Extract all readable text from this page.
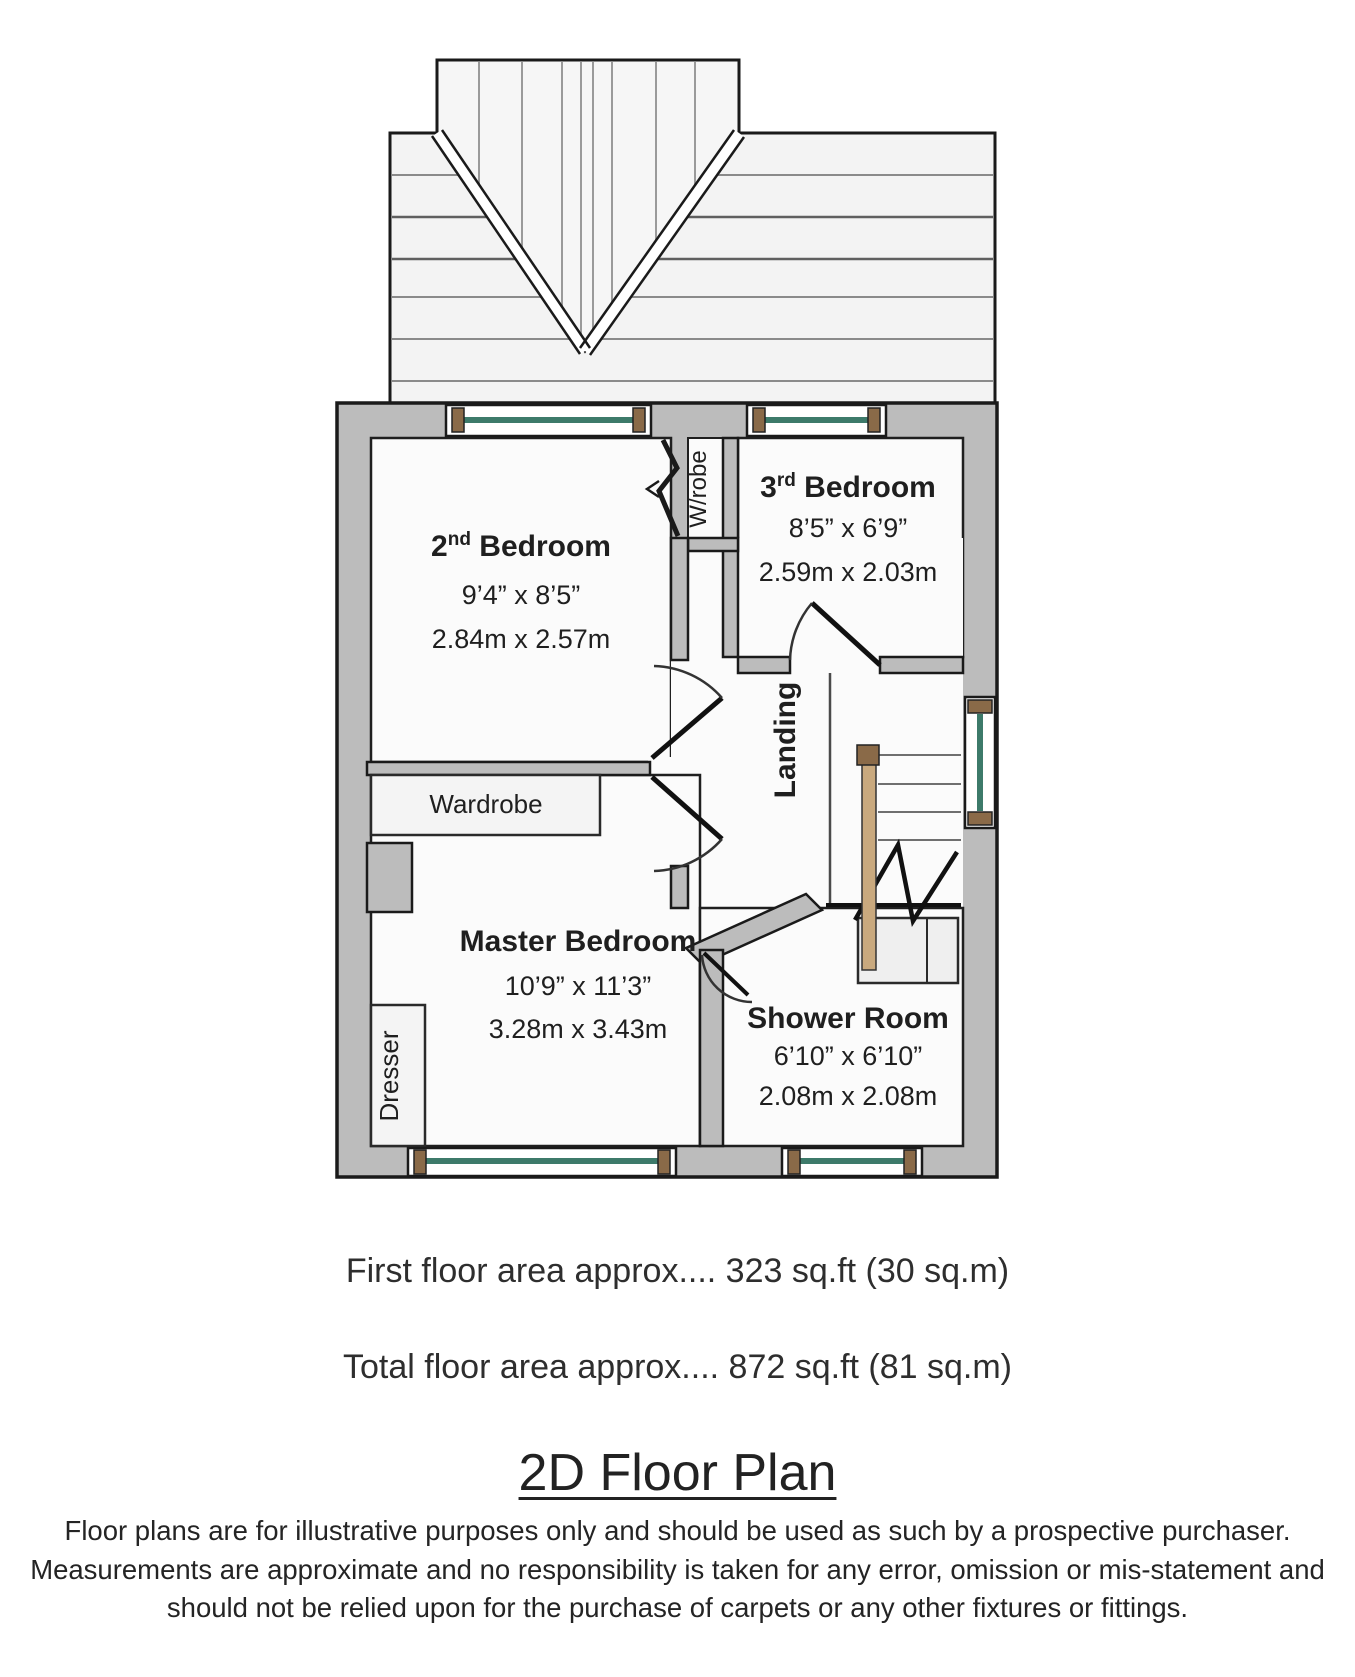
2nd Bedroom
9’4” x 8’5”
2.84m x 2.57m
3rd Bedroom
8’5” x 6’9”
2.59m x 2.03m
Master Bedroom
10’9” x 11’3”
3.28m x 3.43m	Shower Room
6’10” x 6’10”
2.08m x 2.08m
Landing
W/robe
Wardrobe
Dresser
First floor area approx.... 323 sq.ft (30 sq.m)
Total floor area approx.... 872 sq.ft (81 sq.m)
2D Floor Plan
Floor plans are for illustrative purposes only and should be used as such by a prospective purchaser.
Measurements are approximate and no responsibility is taken for any error, omission or mis-statement and
should not be relied upon for the purchase of carpets or any other fixtures or fittings.
